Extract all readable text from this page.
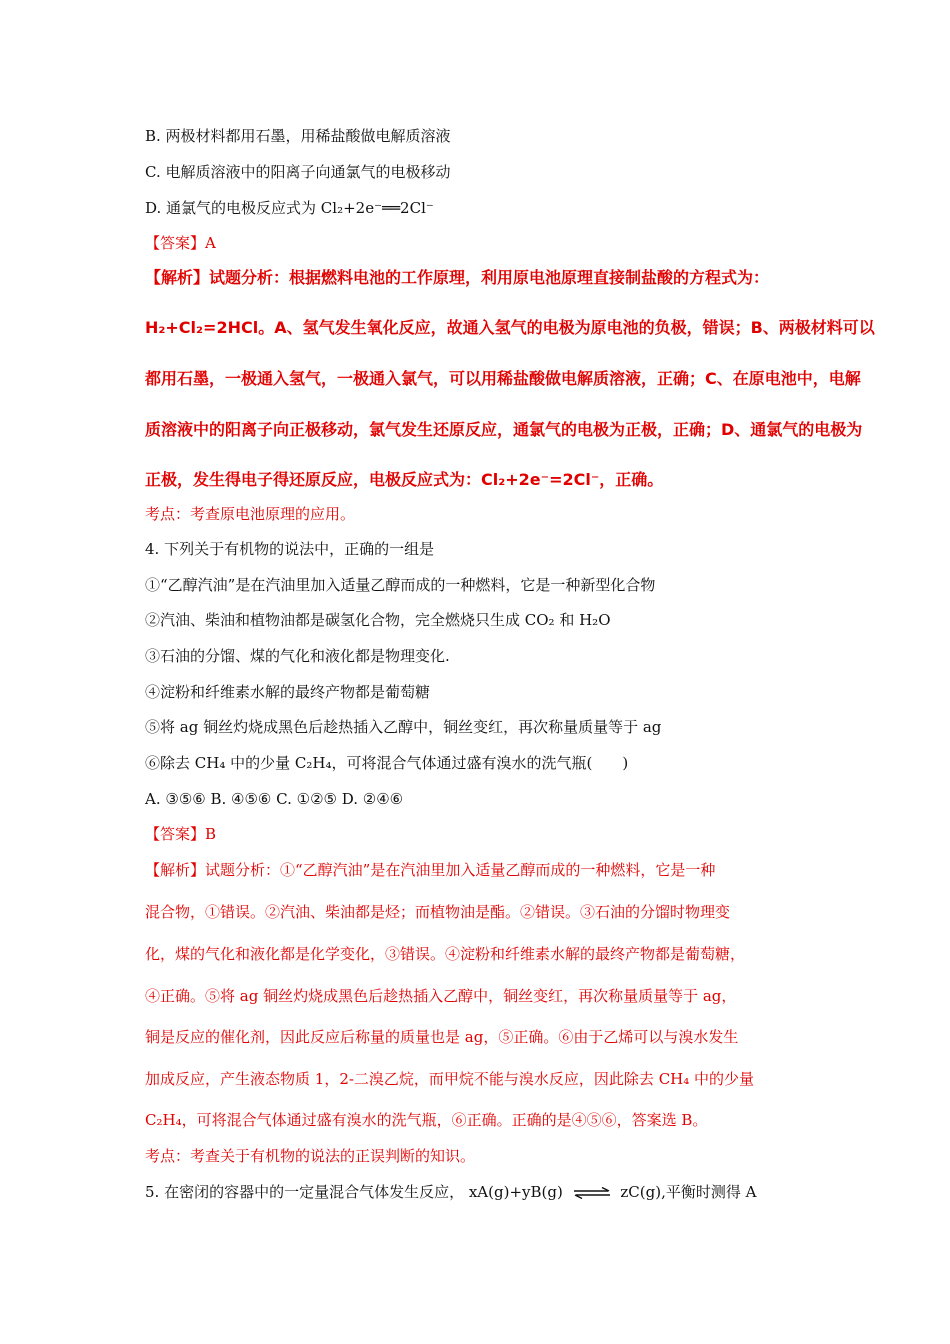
B. 两极材料都用石墨，用稀盐酸做电解质溶液
C. 电解质溶液中的阳离子向通氯气的电极移动
D. 通氯气的电极反应式为 Cl₂+2e⁻══2Cl⁻
【答案】A
【解析】试题分析：根据燃料电池的工作原理，利用原电池原理直接制盐酸的方程式为：
H₂+Cl₂=2HCl。A、氢气发生氧化反应，故通入氢气的电极为原电池的负极，错误；B、两极材料可以
都用石墨，一极通入氢气，一极通入氯气，可以用稀盐酸做电解质溶液，正确；C、在原电池中，电解
质溶液中的阳离子向正极移动，氯气发生还原反应，通氯气的电极为正极，正确；D、通氯气的电极为
正极，发生得电子得还原反应，电极反应式为：Cl₂+2e⁻=2Cl⁻，正确。
考点：考查原电池原理的应用。
4. 下列关于有机物的说法中，正确的一组是
①“乙醇汽油”是在汽油里加入适量乙醇而成的一种燃料，它是一种新型化合物
②汽油、柴油和植物油都是碳氢化合物，完全燃烧只生成 CO₂ 和 H₂O
③石油的分馏、煤的气化和液化都是物理变化.
④淀粉和纤维素水解的最终产物都是葡萄糖
⑤将 ag 铜丝灼烧成黑色后趁热插入乙醇中，铜丝变红，再次称量质量等于 ag
⑥除去 CH₄ 中的少量 C₂H₄，可将混合气体通过盛有溴水的洗气瓶(　　)
A. ③⑤⑥ B. ④⑤⑥ C. ①②⑤ D. ②④⑥
【答案】B
【解析】试题分析：①“乙醇汽油”是在汽油里加入适量乙醇而成的一种燃料，它是一种
混合物，①错误。②汽油、柴油都是烃；而植物油是酯。②错误。③石油的分馏时物理变
化，煤的气化和液化都是化学变化，③错误。④淀粉和纤维素水解的最终产物都是葡萄糖，
④正确。⑤将 ag 铜丝灼烧成黑色后趁热插入乙醇中，铜丝变红，再次称量质量等于 ag，
铜是反应的催化剂，因此反应后称量的质量也是 ag，⑤正确。⑥由于乙烯可以与溴水发生
加成反应，产生液态物质 1，2-二溴乙烷，而甲烷不能与溴水反应，因此除去 CH₄ 中的少量
C₂H₄，可将混合气体通过盛有溴水的洗气瓶，⑥正确。正确的是④⑤⑥，答案选 B。
考点：考查关于有机物的说法的正误判断的知识。
5. 在密闭的容器中的一定量混合气体发生反应， xA(g)+yB(g) ⇌ zC(g),平衡时测得 A
